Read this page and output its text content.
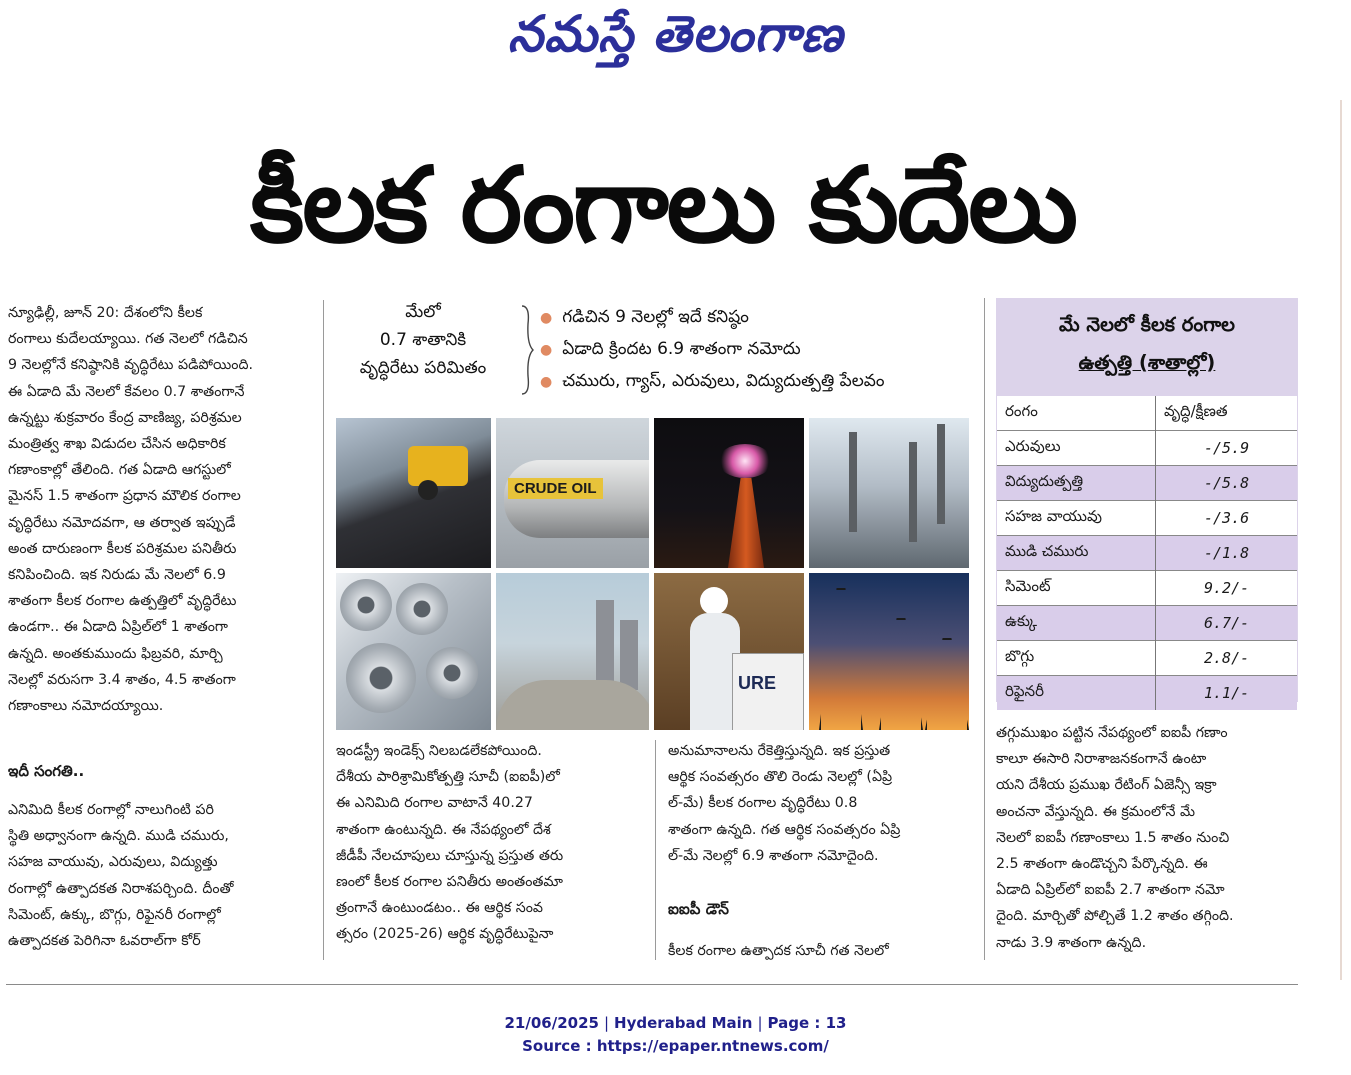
నమస్తే తెలంగాణ
కీలక రంగాలు కుదేలు

న్యూఢిల్లీ, జూన్ 20: దేశంలోని కీలక

రంగాలు కుదేలయ్యాయి. గత నెలలో గడిచిన

9 నెలల్లోనే కనిష్ఠానికి వృద్ధిరేటు పడిపోయింది.

ఈ ఏడాది మే నెలలో కేవలం 0.7 శాతంగానే

ఉన్నట్టు శుక్రవారం కేంద్ర వాణిజ్య, పరిశ్రమల

మంత్రిత్వ శాఖ విడుదల చేసిన అధికారిక

గణాంకాల్లో తేలింది. గత ఏడాది ఆగస్టులో

మైనస్ 1.5 శాతంగా ప్రధాన మౌలిక రంగాల

వృద్ధిరేటు నమోదవగా, ఆ తర్వాత ఇప్పుడే

అంత దారుణంగా కీలక పరిశ్రమల పనితీరు

కనిపించింది. ఇక నిరుడు మే నెలలో 6.9

శాతంగా కీలక రంగాల ఉత్పత్తిలో వృద్ధిరేటు

ఉండగా.. ఈ ఏడాది ఏప్రిల్‌లో 1 శాతంగా

ఉన్నది. అంతకుముందు ఫిబ్రవరి, మార్చి

నెలల్లో వరుసగా 3.4 శాతం, 4.5 శాతంగా

గణాంకాలు నమోదయ్యాయి.

ఇదీ సంగతి..

ఎనిమిది కీలక రంగాల్లో నాలుగింటి పరి

స్థితి అధ్వానంగా ఉన్నది. ముడి చమురు,

సహజ వాయువు, ఎరువులు, విద్యుత్తు

రంగాల్లో ఉత్పాదకత నిరాశపర్చింది. దీంతో

సిమెంట్, ఉక్కు, బొగ్గు, రిఫైనరీ రంగాల్లో

ఉత్పాదకత పెరిగినా ఓవరాల్‌గా కోర్

మేలో
0.7 శాతానికి
వృద్ధిరేటు పరిమితం
● గడిచిన 9 నెలల్లో ఇదే కనిష్ఠం
● ఏడాది క్రిందట 6.9 శాతంగా నమోదు
● చమురు, గ్యాస్, ఎరువులు, విద్యుదుత్పత్తి పేలవం
CRUDE OIL
URE

ఇండస్ట్రీ ఇండెక్స్ నిలబడలేకపోయింది.

దేశీయ పారిశ్రామికోత్పత్తి సూచీ (ఐఐపీ)లో

ఈ ఎనిమిది రంగాల వాటానే 40.27

శాతంగా ఉంటున్నది. ఈ నేపథ్యంలో దేశ

జీడీపీ నేలచూపులు చూస్తున్న ప్రస్తుత తరు

ణంలో కీలక రంగాల పనితీరు అంతంతమా

త్రంగానే ఉంటుండటం.. ఈ ఆర్థిక సంవ

త్సరం (2025-26) ఆర్థిక వృద్ధిరేటుపైనా

అనుమానాలను రేకెత్తిస్తున్నది. ఇక ప్రస్తుత

ఆర్థిక సంవత్సరం తొలి రెండు నెలల్లో (ఏప్రి

ల్-మే) కీలక రంగాల వృద్ధిరేటు 0.8

శాతంగా ఉన్నది. గత ఆర్థిక సంవత్సరం ఏప్రి

ల్-మే నెలల్లో 6.9 శాతంగా నమోదైంది.

ఐఐపీ డౌన్

కీలక రంగాల ఉత్పాదక సూచీ గత నెలలో

మే నెలలో కీలక రంగాల
ఉత్పత్తి (శాతాల్లో)
రంగం	వృద్ధి/క్షీణత
ఎరువులు	-/5.9
విద్యుదుత్పత్తి	-/5.8
సహజ వాయువు	-/3.6
ముడి చమురు	-/1.8
సిమెంట్	9.2/-
ఉక్కు	6.7/-
బొగ్గు	2.8/-
రిఫైనరీ	1.1/-

తగ్గుముఖం పట్టిన నేపథ్యంలో ఐఐపీ గణాం

కాలూ ఈసారి నిరాశాజనకంగానే ఉంటా

యని దేశీయ ప్రముఖ రేటింగ్ ఏజెన్సీ ఇక్రా

అంచనా వేస్తున్నది. ఈ క్రమంలోనే మే

నెలలో ఐఐపీ గణాంకాలు 1.5 శాతం నుంచి

2.5 శాతంగా ఉండొచ్చని పేర్కొన్నది. ఈ

ఏడాది ఏప్రిల్‌లో ఐఐపీ 2.7 శాతంగా నమో

దైంది. మార్చితో పోల్చితే 1.2 శాతం తగ్గింది.

నాడు 3.9 శాతంగా ఉన్నది.

21/06/2025 | Hyderabad Main | Page : 13
Source : https://epaper.ntnews.com/
